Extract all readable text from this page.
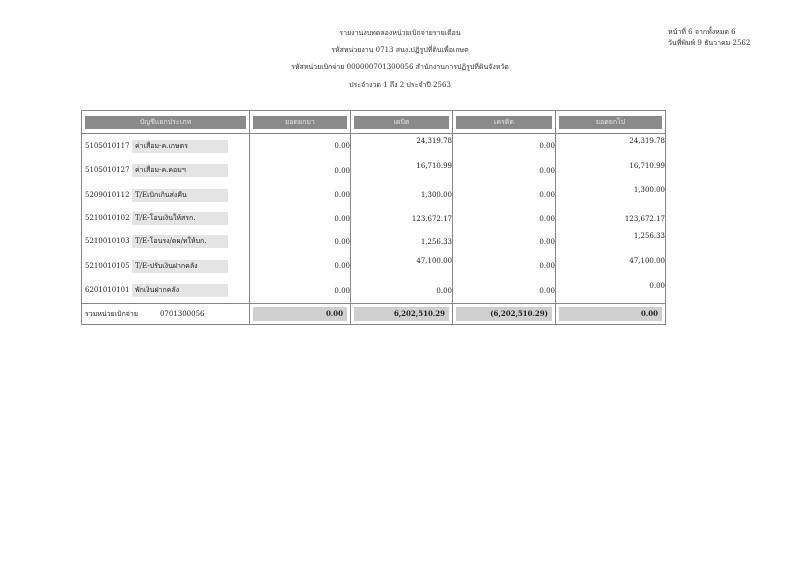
รายงานงบทดลองหน่วยเบิกจ่ายรายเดือน
รหัสหน่วยงาน 0713 สนง.ปฏิรูปที่ดินเพื่อเกษต
รหัสหน่วยเบิกจ่าย 000000701300056 สำนักงานการปฏิรูปที่ดินจังหวัด
ประจำงวด 1 ถึง 2 ประจำปี 2563
หน้าที่ 6 จากทั้งหมด 6
วันที่พิมพ์ 9 ธันวาคม 2562
บัญชีแยกประเภท	ยอดยกมา	เดบิต	เครดิต	ยอดยกไป

5105010117 ค่าเสื่อม-ค.เกษตร	0.00	24,319.78	0.00	24,319.78
5105010127 ค่าเสื่อม-ค.คอมฯ	0.00	16,710.99	0.00	16,710.99
5209010112 T/Eเบิกเกินส่งคืน	0.00	1,300.00	0.00	1,300.00
5210010102 T/E-โอนเงินให้สรก.	0.00	123,672.17	0.00	123,672.17
5210010103 T/E-โอนรง/ดผ/ทให้บก.	0.00	1,256.33	0.00	1,256.33
5210010105 T/E-ปรับเงินฝากคลัง	0.00	47,100.00	0.00	47,100.00
6201010101 พักเงินฝากคลัง	0.00	0.00	0.00	0.00
รวมหน่วยเบิกจ่าย 0701300056	0.00	6,202,510.29	(6,202,510.29)	0.00
